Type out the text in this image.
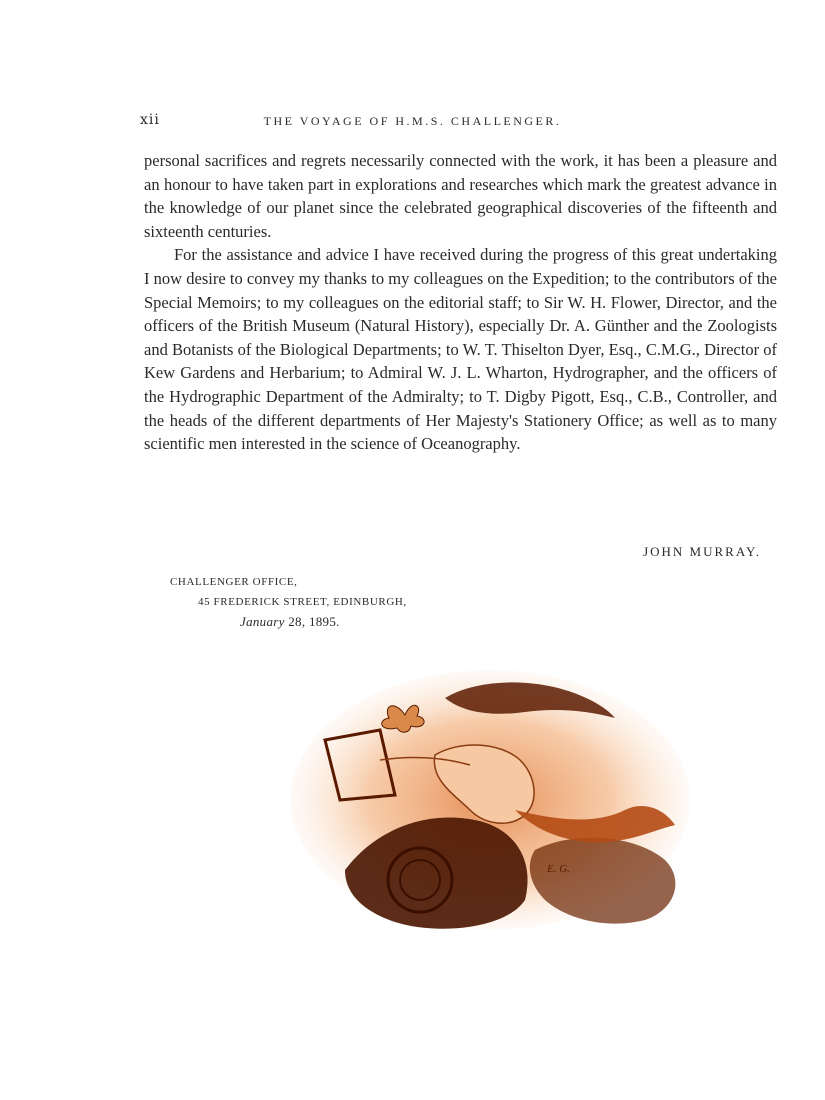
xii	THE VOYAGE OF H.M.S. CHALLENGER.

personal sacrifices and regrets necessarily connected with the work, it has been a pleasure and an honour to have taken part in explorations and researches which mark the greatest advance in the knowledge of our planet since the celebrated geographical discoveries of the fifteenth and sixteenth centuries.

For the assistance and advice I have received during the progress of this great undertaking I now desire to convey my thanks to my colleagues on the Expedition; to the contributors of the Special Memoirs; to my colleagues on the editorial staff; to Sir W. H. Flower, Director, and the officers of the British Museum (Natural History), especially Dr. A. Günther and the Zoologists and Botanists of the Biological Departments; to W. T. Thiselton Dyer, Esq., C.M.G., Director of Kew Gardens and Herbarium; to Admiral W. J. L. Wharton, Hydrographer, and the officers of the Hydrographic Department of the Admiralty; to T. Digby Pigott, Esq., C.B., Controller, and the heads of the different departments of Her Majesty's Stationery Office; as well as to many scientific men interested in the science of Oceanography.

JOHN MURRAY.
CHALLENGER OFFICE,
45 FREDERICK STREET, EDINBURGH,
January 28, 1895.
E. G.
